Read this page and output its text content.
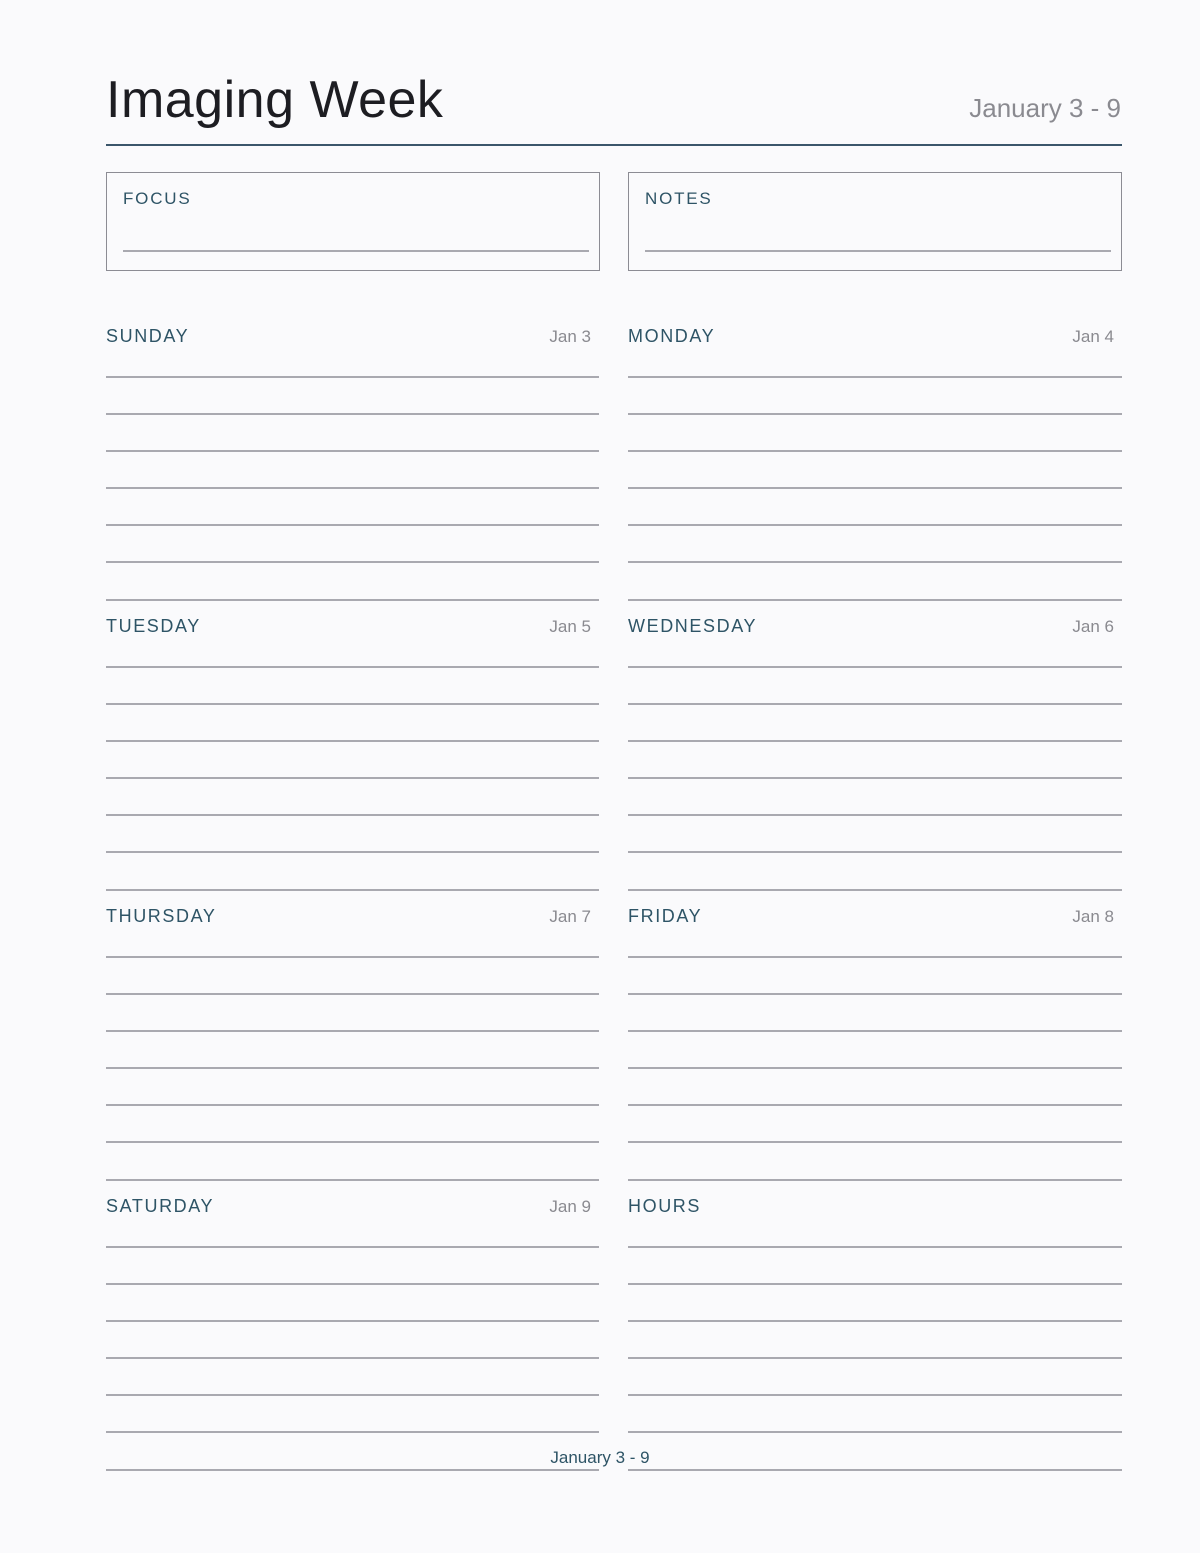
Imaging Week	January 3 - 9
FOCUS	NOTES
SUNDAY	Jan 3 MONDAY	Jan 4
TUESDAY	Jan 5 WEDNESDAY	Jan 6
THURSDAY	Jan 7 FRIDAY	Jan 8
SATURDAY	Jan 9 HOURS
January 3 - 9
